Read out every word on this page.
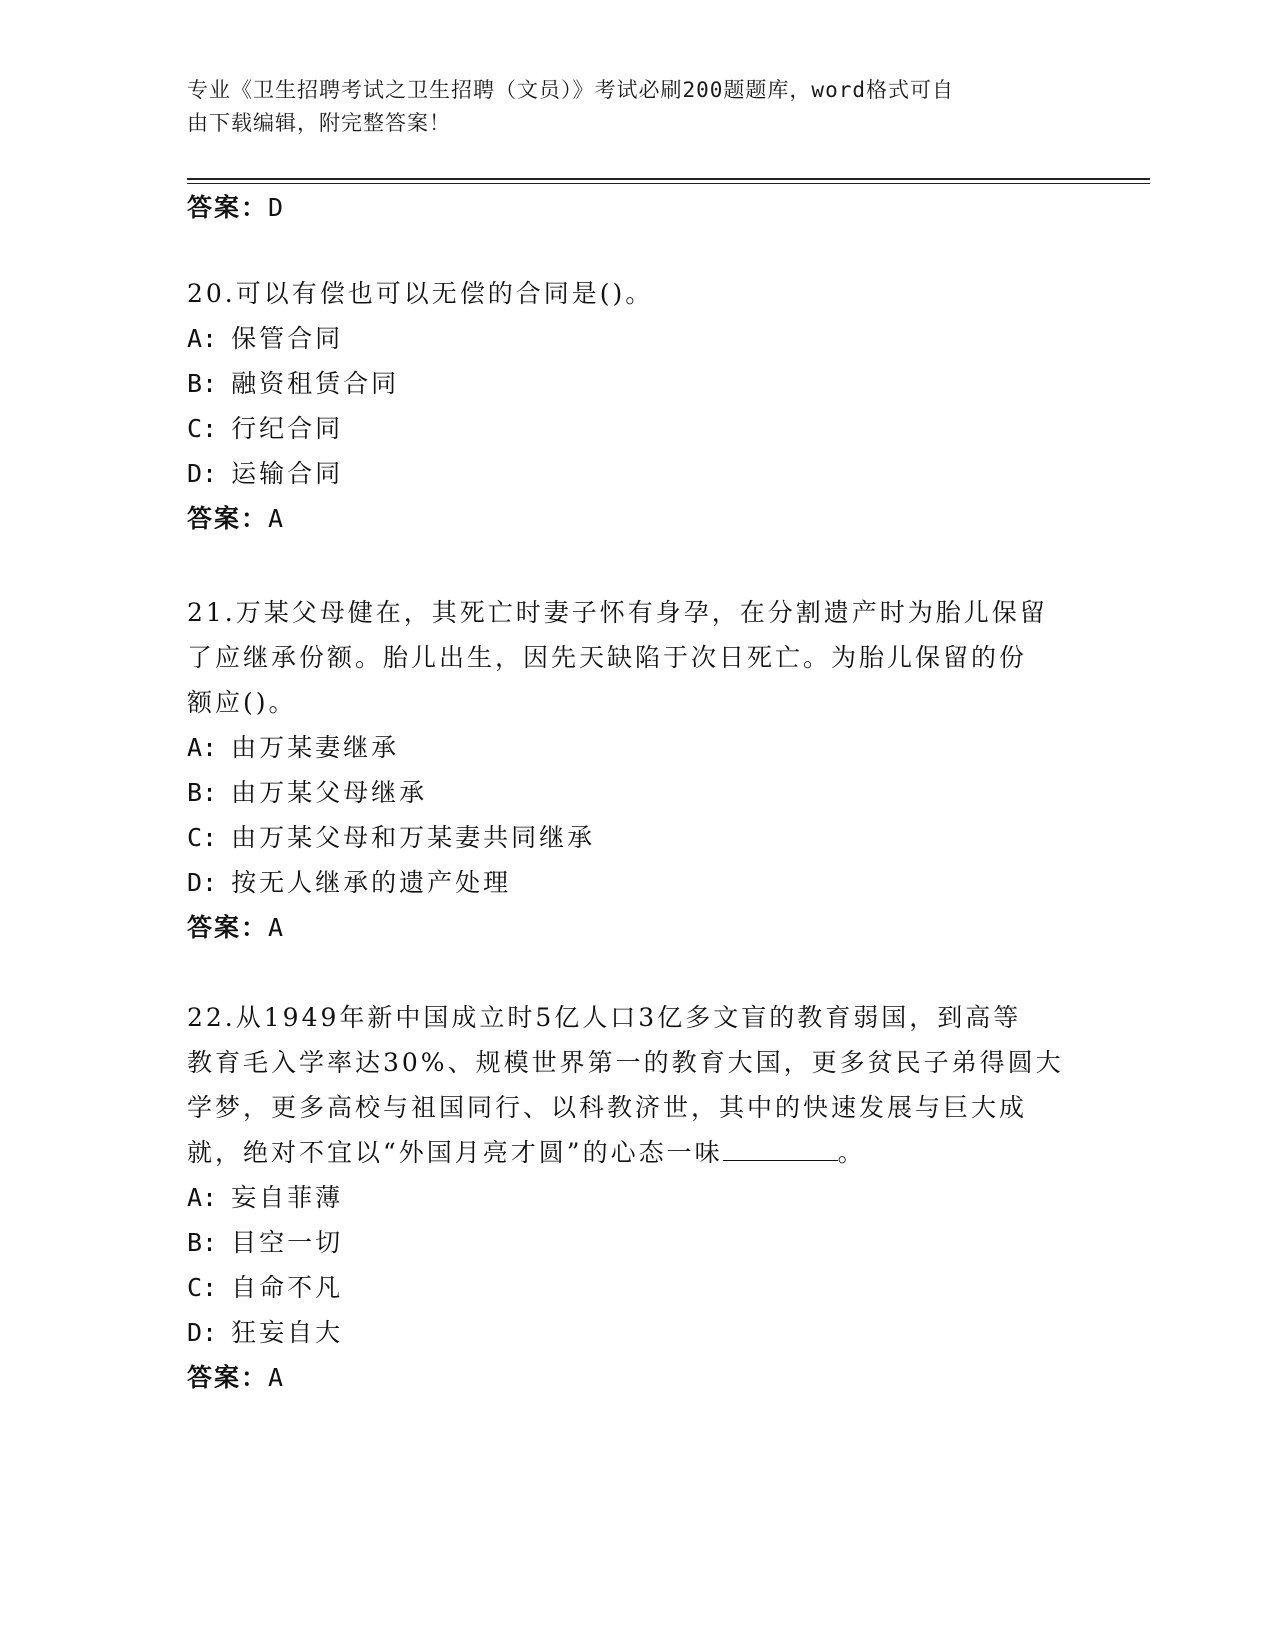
专业《卫生招聘考试之卫生招聘（文员）》考试必刷200题题库，word格式可自
由下载编辑，附完整答案！
答案：D
20.可以有偿也可以无偿的合同是()。
A: 保管合同
B: 融资租赁合同
C: 行纪合同
D: 运输合同
答案：A
21.万某父母健在，其死亡时妻子怀有身孕，在分割遗产时为胎儿保留
了应继承份额。胎儿出生，因先天缺陷于次日死亡。为胎儿保留的份
额应()。
A: 由万某妻继承
B: 由万某父母继承
C: 由万某父母和万某妻共同继承
D: 按无人继承的遗产处理
答案：A
22.从1949年新中国成立时5亿人口3亿多文盲的教育弱国，到高等
教育毛入学率达30%、规模世界第一的教育大国，更多贫民子弟得圆大
学梦，更多高校与祖国同行、以科教济世，其中的快速发展与巨大成
就，绝对不宜以“外国月亮才圆”的心态一味	。
A: 妄自菲薄
B: 目空一切
C: 自命不凡
D: 狂妄自大
答案：A
